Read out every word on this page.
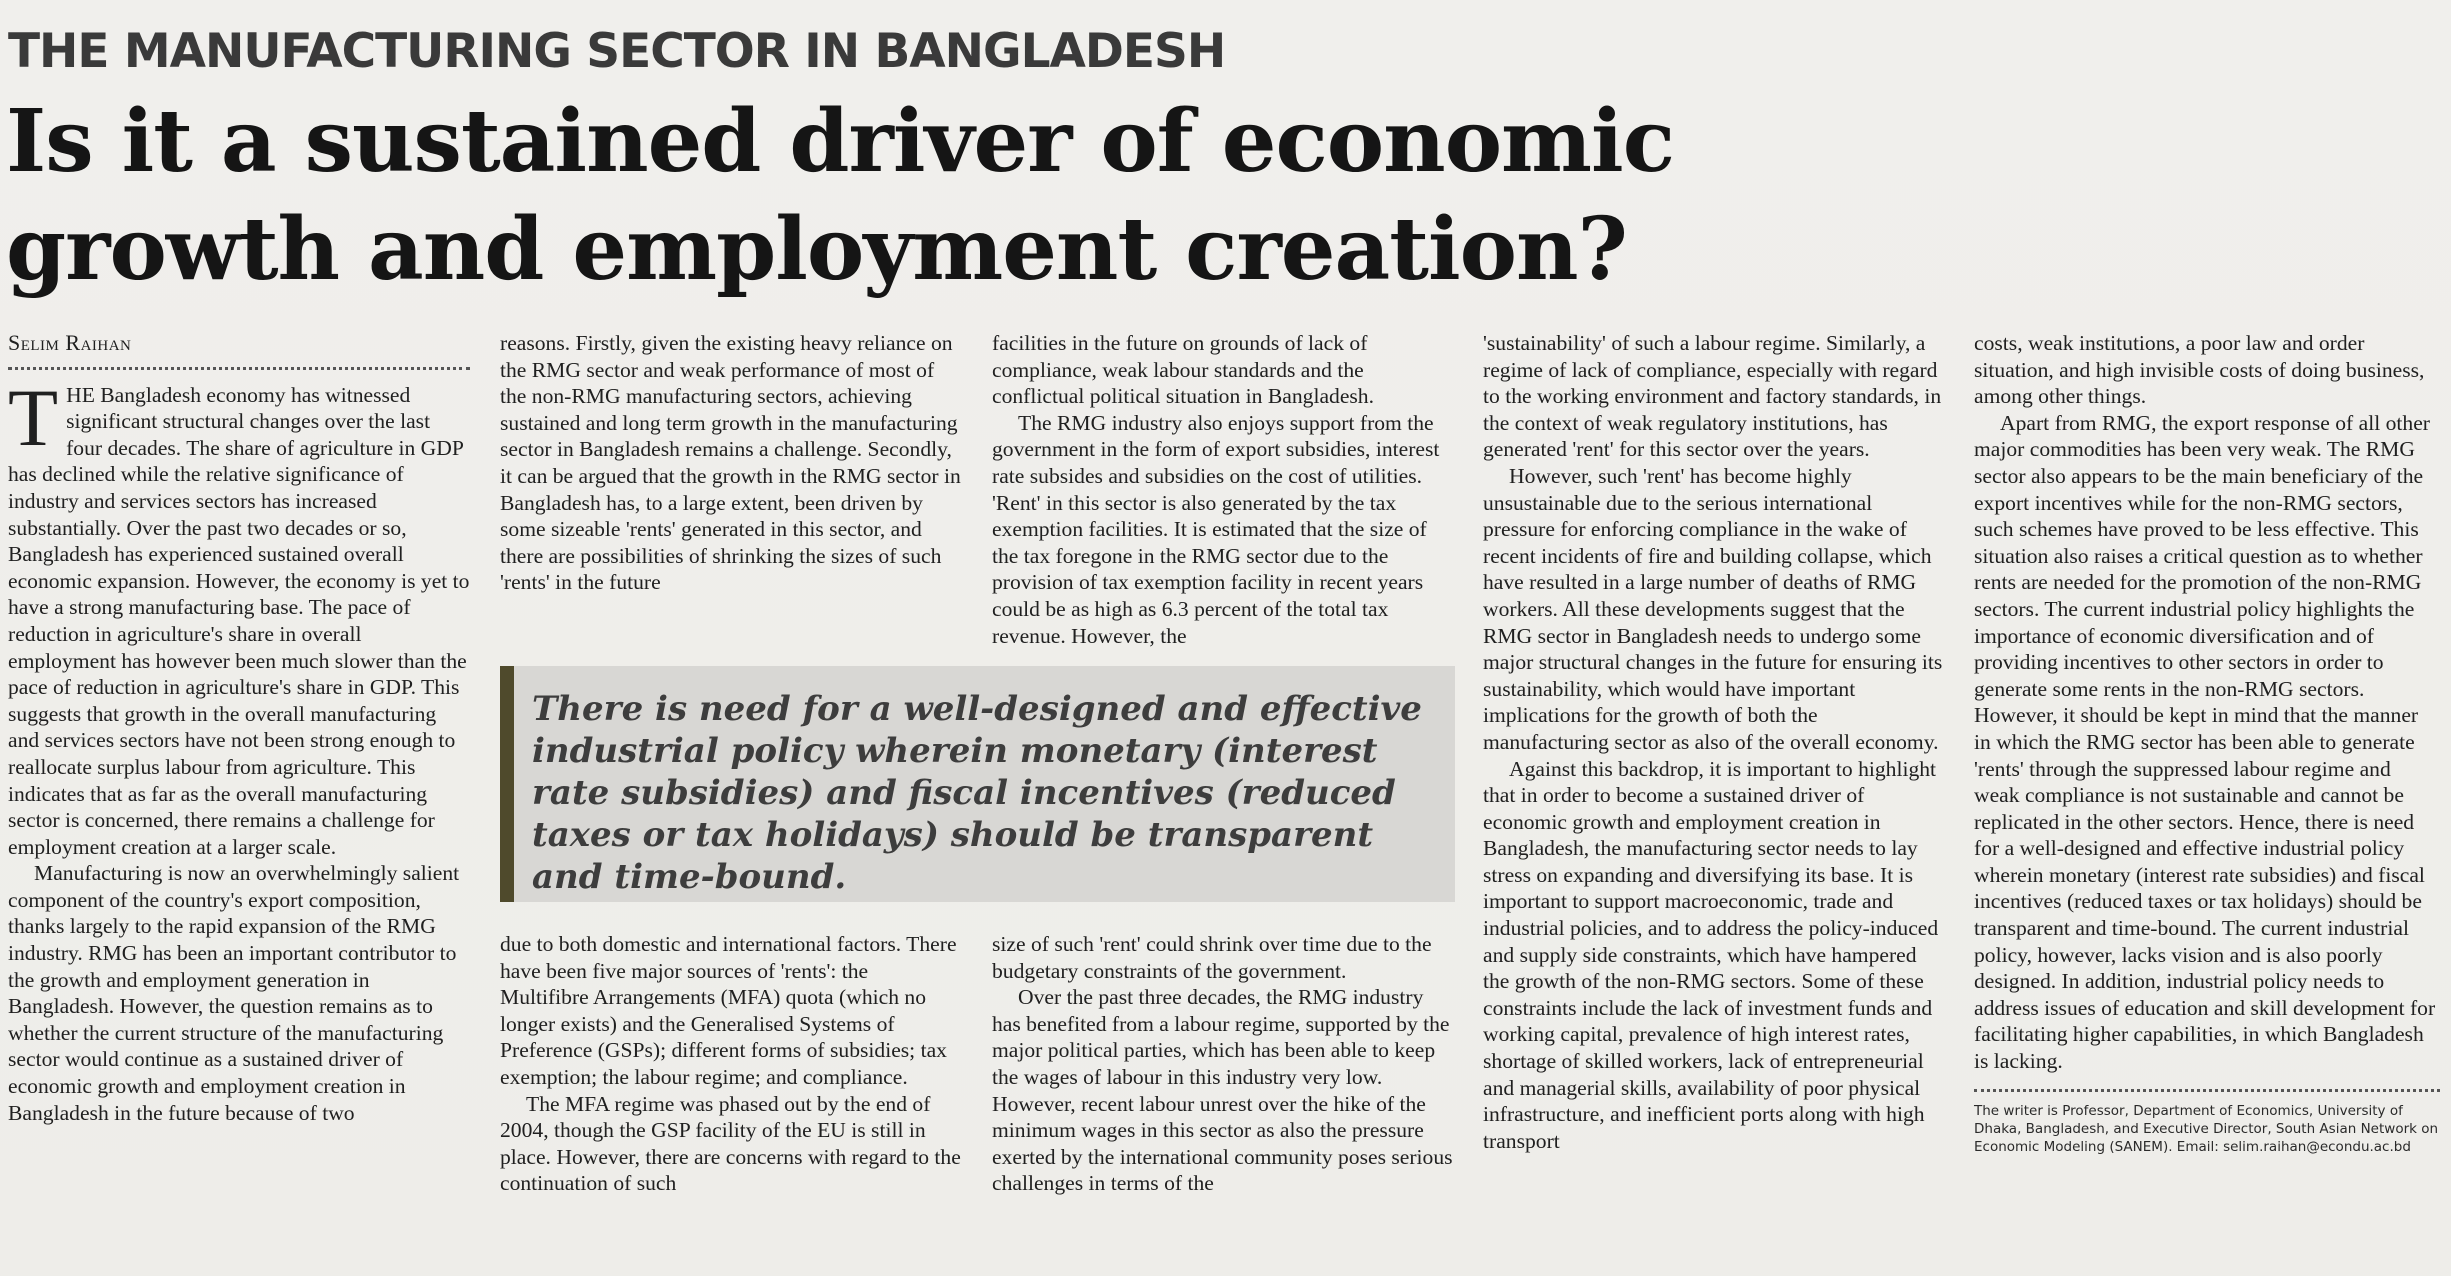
THE MANUFACTURING SECTOR IN BANGLADESH
Is it a sustained driver of economic growth and employment creation?
Selim Raihan

THE Bangladesh economy has witnessed significant structural changes over the last four decades. The share of agriculture in GDP has declined while the relative significance of industry and services sectors has increased substantially. Over the past two decades or so, Bangladesh has experienced sustained overall economic expansion. However, the economy is yet to have a strong manufacturing base. The pace of reduction in agriculture's share in overall employment has however been much slower than the pace of reduction in agriculture's share in GDP. This suggests that growth in the overall manufacturing and services sectors have not been strong enough to reallocate surplus labour from agriculture. This indicates that as far as the overall manufacturing sector is concerned, there remains a challenge for employment creation at a larger scale.

Manufacturing is now an overwhelmingly salient component of the country's export composition, thanks largely to the rapid expansion of the RMG industry. RMG has been an important contributor to the growth and employment generation in Bangladesh. However, the question remains as to whether the current structure of the manufacturing sector would continue as a sustained driver of economic growth and employment creation in Bangladesh in the future because of two

reasons. Firstly, given the existing heavy reliance on the RMG sector and weak performance of most of the non-RMG manufacturing sectors, achieving sustained and long term growth in the manufacturing sector in Bangladesh remains a challenge. Secondly, it can be argued that the growth in the RMG sector in Bangladesh has, to a large extent, been driven by some sizeable 'rents' generated in this sector, and there are possibilities of shrinking the sizes of such 'rents' in the future

facilities in the future on grounds of lack of compliance, weak labour standards and the conflictual political situation in Bangladesh.

The RMG industry also enjoys support from the government in the form of export subsidies, interest rate subsides and subsidies on the cost of utilities. 'Rent' in this sector is also generated by the tax exemption facilities. It is estimated that the size of the tax foregone in the RMG sector due to the provision of tax exemption facility in recent years could be as high as 6.3 percent of the total tax revenue. However, the

There is need for a well-designed and effective industrial policy wherein monetary (interest rate subsidies) and fiscal incentives (reduced taxes or tax holidays) should be transparent and time-bound.

due to both domestic and international factors. There have been five major sources of 'rents': the Multifibre Arrangements (MFA) quota (which no longer exists) and the Generalised Systems of Preference (GSPs); different forms of subsidies; tax exemption; the labour regime; and compliance.

The MFA regime was phased out by the end of 2004, though the GSP facility of the EU is still in place. However, there are concerns with regard to the continuation of such

size of such 'rent' could shrink over time due to the budgetary constraints of the government.

Over the past three decades, the RMG industry has benefited from a labour regime, supported by the major political parties, which has been able to keep the wages of labour in this industry very low. However, recent labour unrest over the hike of the minimum wages in this sector as also the pressure exerted by the international community poses serious challenges in terms of the

'sustainability' of such a labour regime. Similarly, a regime of lack of compliance, especially with regard to the working environment and factory standards, in the context of weak regulatory institutions, has generated 'rent' for this sector over the years.

However, such 'rent' has become highly unsustainable due to the serious international pressure for enforcing compliance in the wake of recent incidents of fire and building collapse, which have resulted in a large number of deaths of RMG workers. All these developments suggest that the RMG sector in Bangladesh needs to undergo some major structural changes in the future for ensuring its sustainability, which would have important implications for the growth of both the manufacturing sector as also of the overall economy.

Against this backdrop, it is important to highlight that in order to become a sustained driver of economic growth and employment creation in Bangladesh, the manufacturing sector needs to lay stress on expanding and diversifying its base. It is important to support macroeconomic, trade and industrial policies, and to address the policy-induced and supply side constraints, which have hampered the growth of the non-RMG sectors. Some of these constraints include the lack of investment funds and working capital, prevalence of high interest rates, shortage of skilled workers, lack of entrepreneurial and managerial skills, availability of poor physical infrastructure, and inefficient ports along with high transport

costs, weak institutions, a poor law and order situation, and high invisible costs of doing business, among other things.

Apart from RMG, the export response of all other major commodities has been very weak. The RMG sector also appears to be the main beneficiary of the export incentives while for the non-RMG sectors, such schemes have proved to be less effective. This situation also raises a critical question as to whether rents are needed for the promotion of the non-RMG sectors. The current industrial policy highlights the importance of economic diversification and of providing incentives to other sectors in order to generate some rents in the non-RMG sectors. However, it should be kept in mind that the manner in which the RMG sector has been able to generate 'rents' through the suppressed labour regime and weak compliance is not sustainable and cannot be replicated in the other sectors. Hence, there is need for a well-designed and effective industrial policy wherein monetary (interest rate subsidies) and fiscal incentives (reduced taxes or tax holidays) should be transparent and time-bound. The current industrial policy, however, lacks vision and is also poorly designed. In addition, industrial policy needs to address issues of education and skill development for facilitating higher capabilities, in which Bangladesh is lacking.

The writer is Professor, Department of Economics, University of Dhaka, Bangladesh, and Executive Director, South Asian Network on Economic Modeling (SANEM). Email: selim.raihan@econdu.ac.bd
